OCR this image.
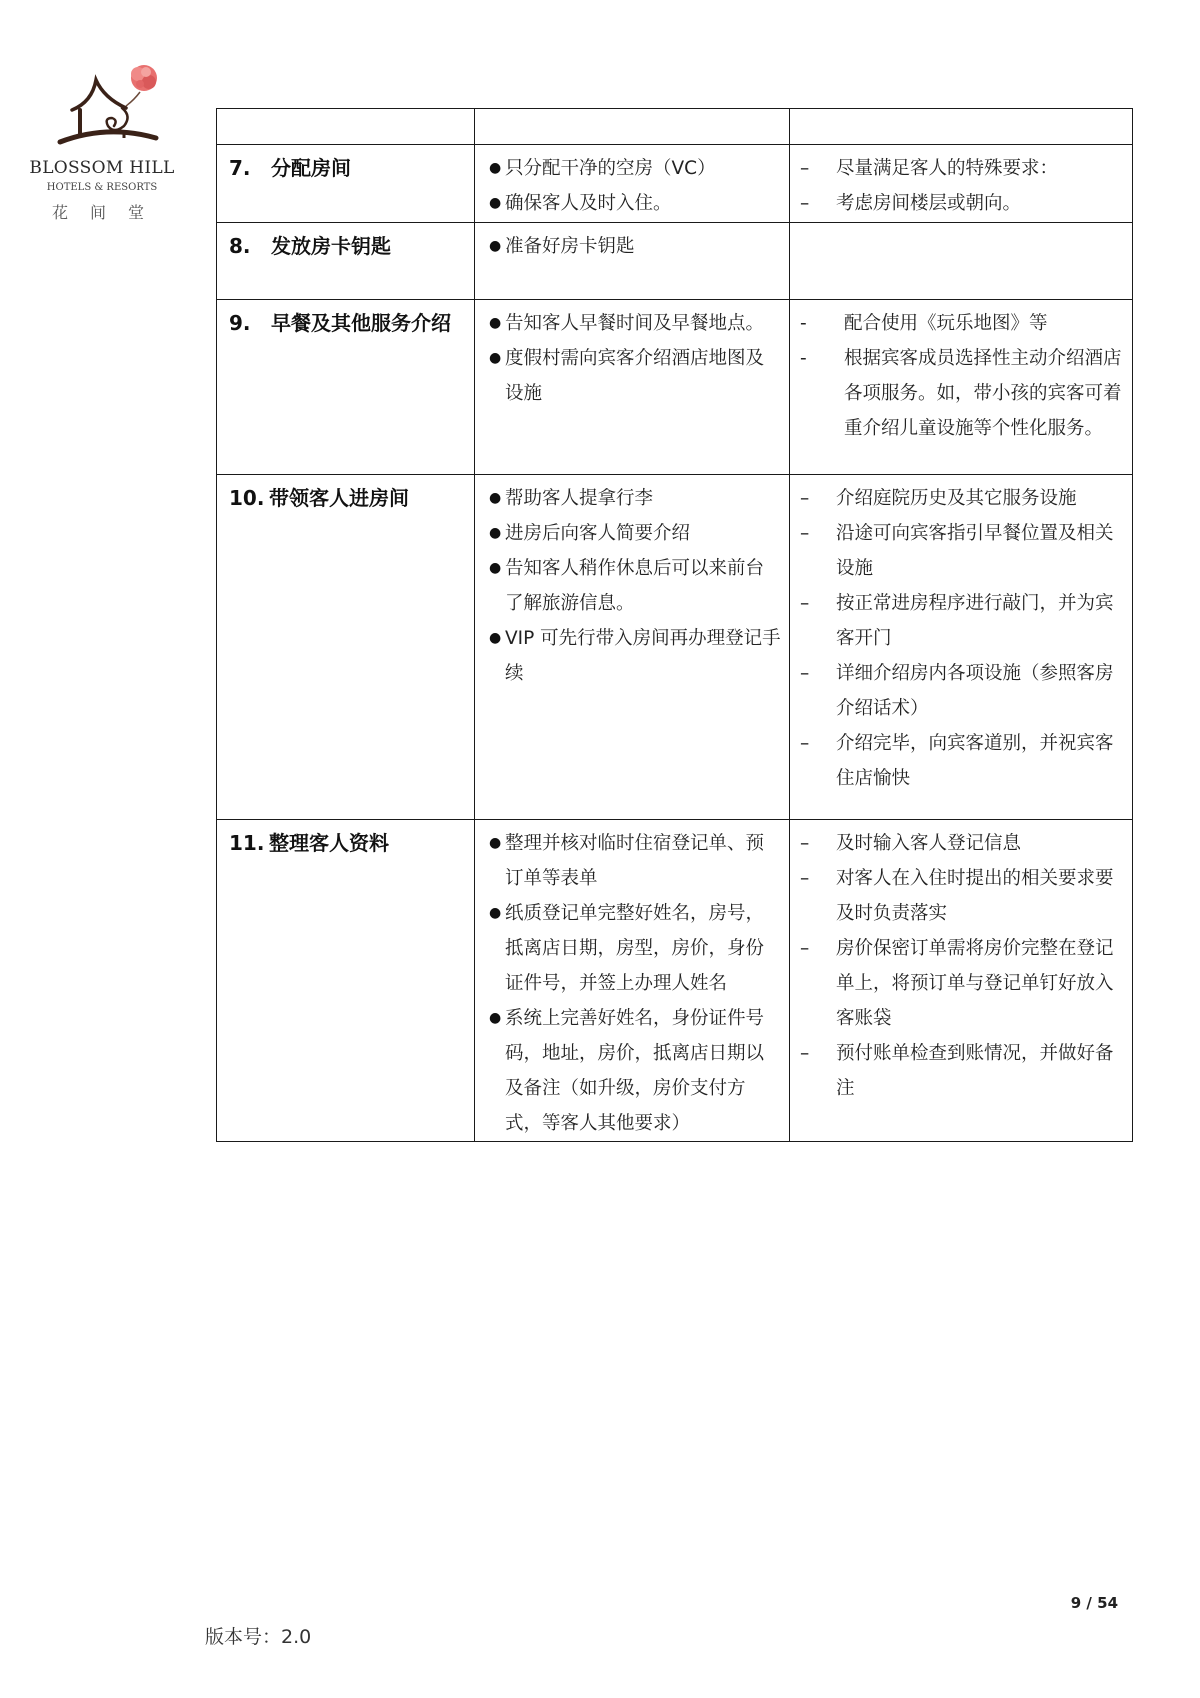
BLOSSOM HILL
HOTELS & RESORTS
花间堂

7.	分配房间

●只分配干净的空房（VC）
● 确保客人及时入住。

– 尽量满足客人的特殊要求：
– 考虑房间楼层或朝向。

8.	发放房卡钥匙

●准备好房卡钥匙

9.	早餐及其他服务介绍

●告知客人早餐时间及早餐地点。
● 度假村需向宾客介绍酒店地图及设施

- 配合使用《玩乐地图》等
- 根据宾客成员选择性主动介绍酒店各项服务。如，带小孩的宾客可着重介绍儿童设施等个性化服务。

10. 带领客人进房间

●帮助客人提拿行李
● 进房后向客人简要介绍
● 告知客人稍作休息后可以来前台了解旅游信息。
● VIP 可先行带入房间再办理登记手续

– 介绍庭院历史及其它服务设施
– 沿途可向宾客指引早餐位置及相关设施
– 按正常进房程序进行敲门，并为宾客开门
– 详细介绍房内各项设施（参照客房介绍话术）
– 介绍完毕，向宾客道别，并祝宾客住店愉快

11. 整理客人资料

●整理并核对临时住宿登记单、预订单等表单
● 纸质登记单完整好姓名，房号，抵离店日期，房型，房价，身份证件号，并签上办理人姓名
● 系统上完善好姓名，身份证件号码，地址，房价，抵离店日期以及备注（如升级，房价支付方式，等客人其他要求）

– 及时输入客人登记信息
– 对客人在入住时提出的相关要求要及时负责落实
– 房价保密订单需将房价完整在登记单上，将预订单与登记单钉好放入客账袋
– 预付账单检查到账情况，并做好备注
9 / 54
版本号：2.0
